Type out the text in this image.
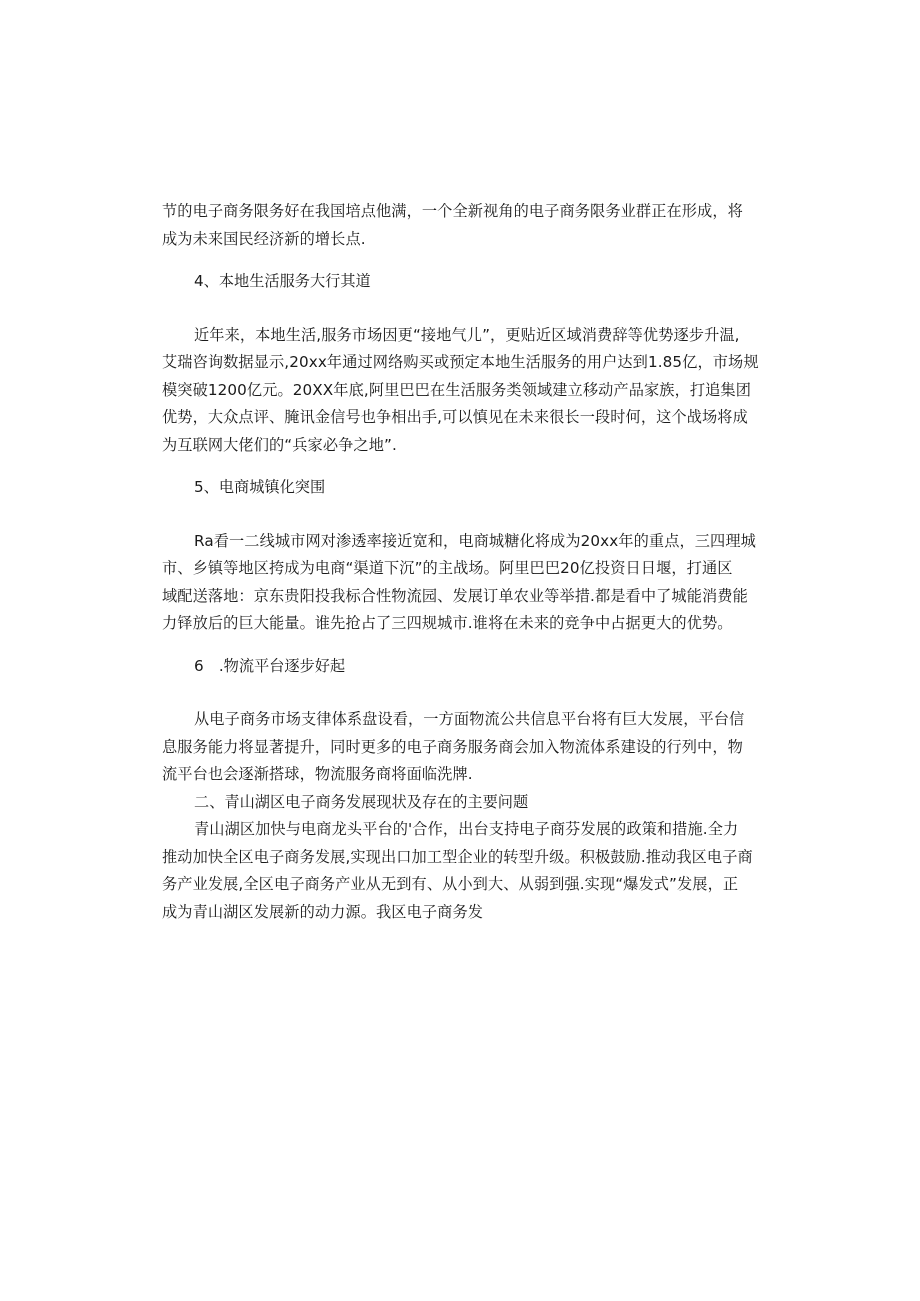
节的电子商务限务好在我国培点他满，一个全新视角的电子商务限务业群正在形成，将
成为未来国民经济新的增长点.

4、本地生活服务大行其道

近年来，本地生活,服务市场因更“接地气儿”，更贴近区域消费辞等优势逐步升温,
艾瑞咨询数据显示,20xx年通过网络购买或预定本地生活服务的用户达到1.85亿，市场规
模突破1200亿元。20XX年底,阿里巴巴在生活服务类领域建立移动产品家族，打追集团
优势，大众点评、腌讯金信号也争相出手,可以慎见在未来很长一段时何，这个战场将成
为互联网大佬们的“兵家必争之地”.

5、电商城镇化突围

Ra看一二线城市网对渗透率接近宽和，电商城糖化将成为20xx年的重点，三四理城
市、乡镇等地区挎成为电商“渠道下沉”的主战场。阿里巴巴20亿投资日日堰，打通区
域配送落地：京东贵阳投我标合性物流园、发展订单农业等举措.都是看中了城能消费能
力铎放后的巨大能量。谁先抢占了三四规城市.谁将在未来的竞争中占据更大的优势。

6　.物流平台逐步好起

从电子商务市场支律体系盘设看，一方面物流公共信息平台将有巨大发展，平台信
息服务能力将显著提升，同时更多的电子商务服务商会加入物流体系建设的行列中，物
流平台也会逐渐搭球，物流服务商将面临洗牌.

二、青山湖区电子商务发展现状及存在的主要问题

青山湖区加快与电商龙头平台的'合作，出台支持电子商芬发展的政策和措施.全力
推动加快全区电子商务发展,实现出口加工型企业的转型升级。积极鼓励.推动我区电子商
务产业发展,全区电子商务产业从无到有、从小到大、从弱到强.实现“爆发式”发展，正
成为青山湖区发展新的动力源。我区电子商务发
